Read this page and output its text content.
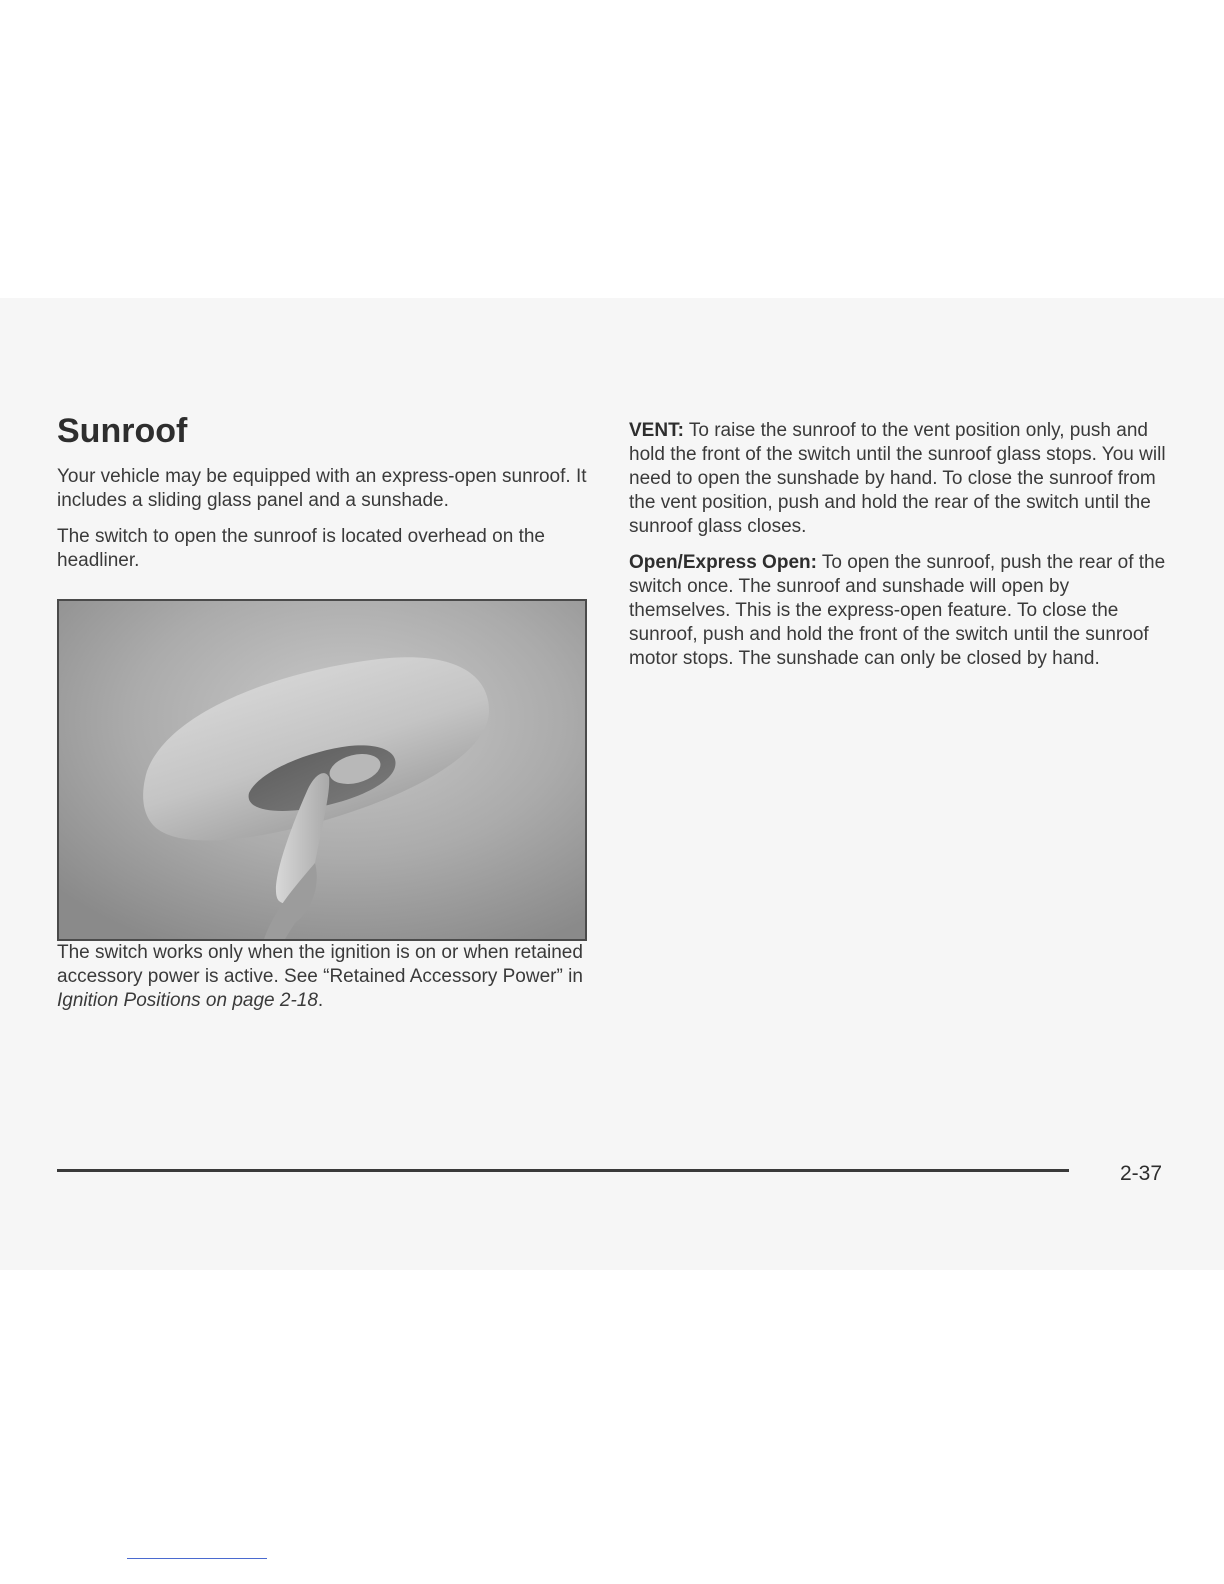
Sunroof

Your vehicle may be equipped with an express-open sunroof. It includes a sliding glass panel and a sunshade.

The switch to open the sunroof is located overhead on the headliner.

The switch works only when the ignition is on or when retained accessory power is active. See “Retained Accessory Power” in Ignition Positions on page 2-18.

VENT: To raise the sunroof to the vent position only, push and hold the front of the switch until the sunroof glass stops. You will need to open the sunshade by hand. To close the sunroof from the vent position, push and hold the rear of the switch until the sunroof glass closes.

Open/Express Open: To open the sunroof, push the rear of the switch once. The sunroof and sunshade will open by themselves. This is the express-open feature. To close the sunroof, push and hold the front of the switch until the sunroof motor stops. The sunshade can only be closed by hand.

2-37
